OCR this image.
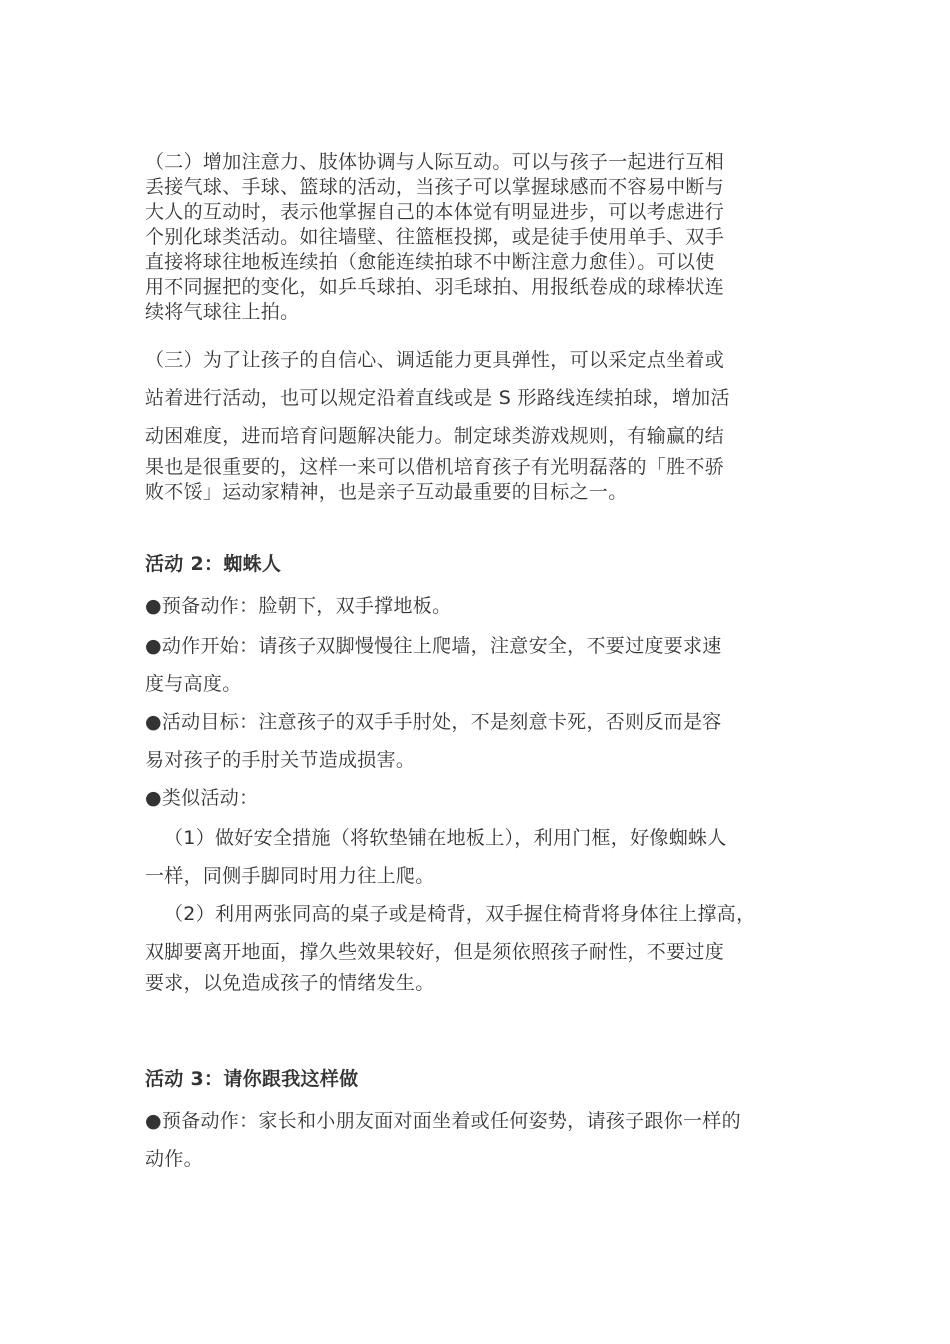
（二）增加注意力、肢体协调与人际互动。可以与孩子一起进行互相

丢接气球、手球、篮球的活动，当孩子可以掌握球感而不容易中断与

大人的互动时，表示他掌握自己的本体觉有明显进步，可以考虑进行

个别化球类活动。如往墙壁、往篮框投掷，或是徒手使用单手、双手

直接将球往地板连续拍（愈能连续拍球不中断注意力愈佳）。可以使

用不同握把的变化，如乒乓球拍、羽毛球拍、用报纸卷成的球棒状连

续将气球往上拍。

（三）为了让孩子的自信心、调适能力更具弹性，可以采定点坐着或

站着进行活动，也可以规定沿着直线或是 S 形路线连续拍球，增加活

动困难度，进而培育问题解决能力。制定球类游戏规则，有输赢的结

果也是很重要的，这样一来可以借机培育孩子有光明磊落的「胜不骄

败不馁」运动家精神，也是亲子互动最重要的目标之一。

活动 2：蜘蛛人

●预备动作：脸朝下，双手撑地板。

●动作开始：请孩子双脚慢慢往上爬墙，注意安全，不要过度要求速

度与高度。

●活动目标：注意孩子的双手手肘处，不是刻意卡死，否则反而是容

易对孩子的手肘关节造成损害。

●类似活动：

（1）做好安全措施（将软垫铺在地板上），利用门框，好像蜘蛛人

一样，同侧手脚同时用力往上爬。

（2）利用两张同高的桌子或是椅背，双手握住椅背将身体往上撑高，

双脚要离开地面，撑久些效果较好，但是须依照孩子耐性，不要过度

要求，以免造成孩子的情绪发生。

活动 3：请你跟我这样做

●预备动作：家长和小朋友面对面坐着或任何姿势，请孩子跟你一样的

动作。
